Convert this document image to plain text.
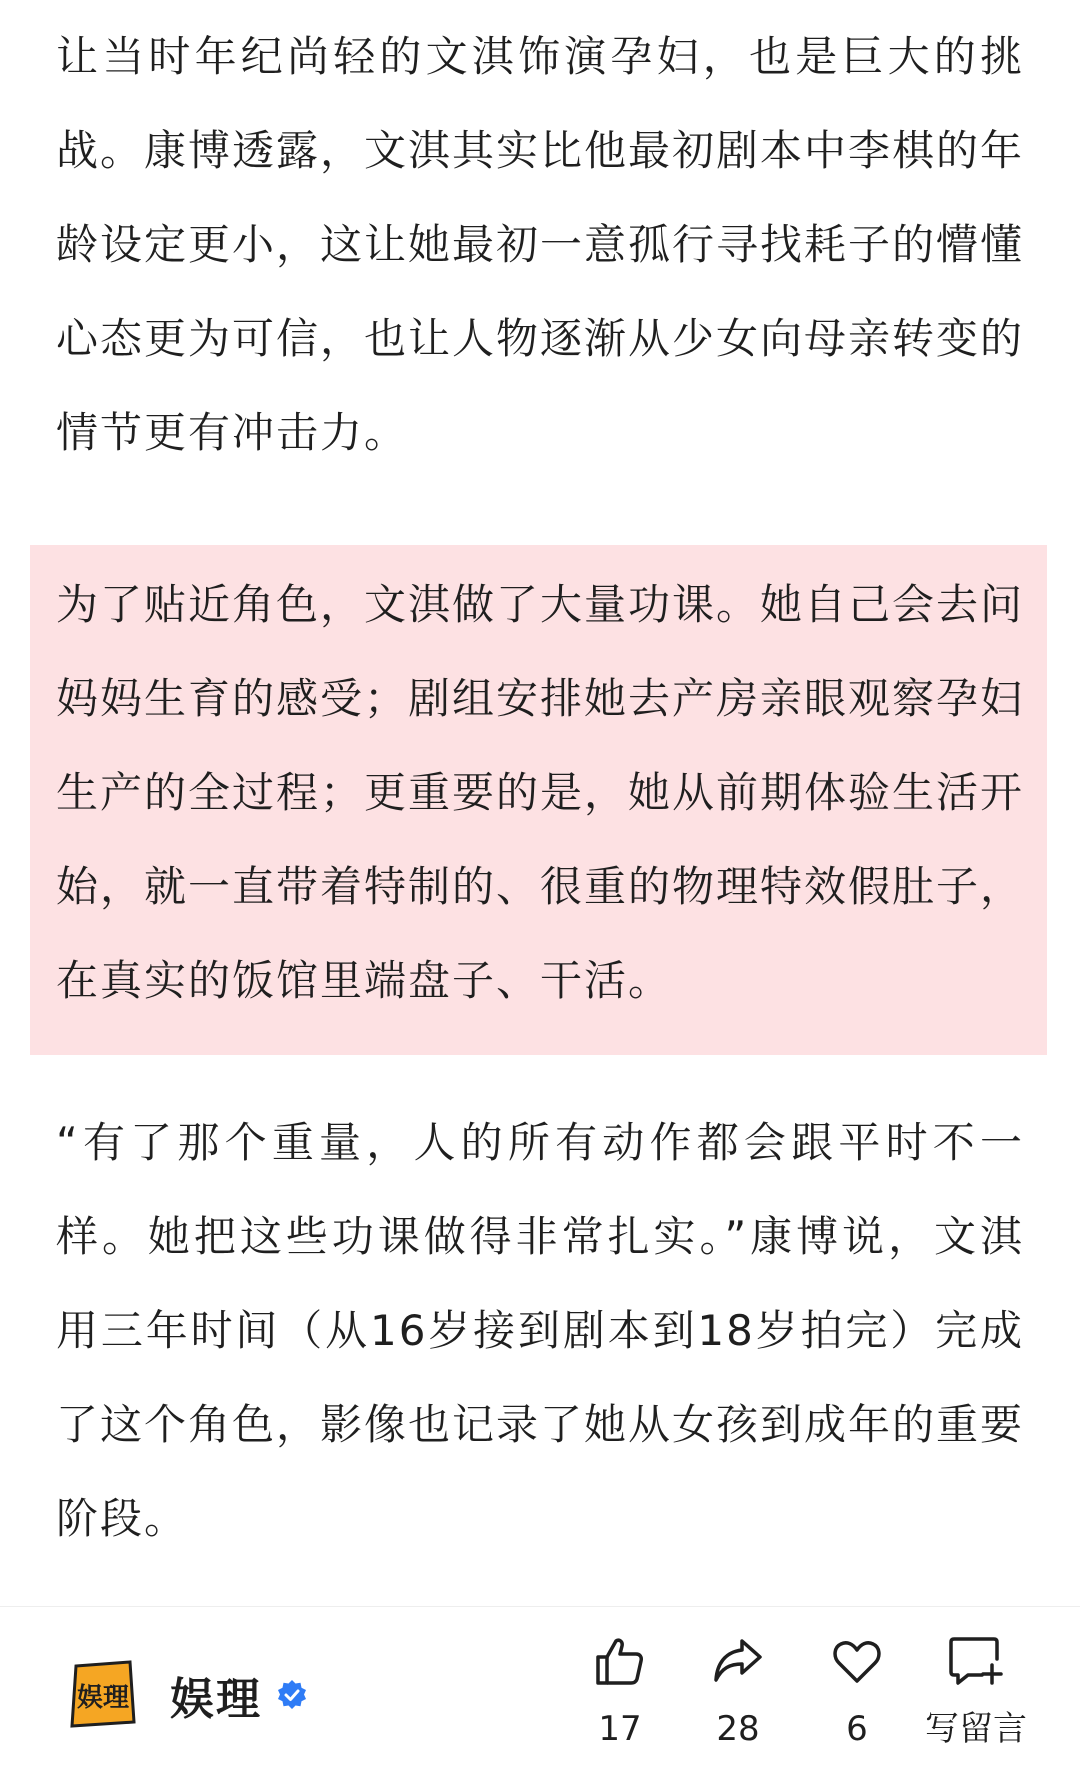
让当时年纪尚轻的文淇饰演孕妇，也是巨大的挑战。康博透露，文淇其实比他最初剧本中李棋的年龄设定更小，这让她最初一意孤行寻找耗子的懵懂心态更为可信，也让人物逐渐从少女向母亲转变的情节更有冲击力。

为了贴近角色，文淇做了大量功课。她自己会去问妈妈生育的感受；剧组安排她去产房亲眼观察孕妇生产的全过程；更重要的是，她从前期体验生活开始，就一直带着特制的、很重的物理特效假肚子，在真实的饭馆里端盘子、干活。

“有了那个重量，人的所有动作都会跟平时不一样。她把这些功课做得非常扎实。”康博说，文淇用三年时间（从16岁接到剧本到18岁拍完）完成了这个角色，影像也记录了她从女孩到成年的重要阶段。

娱理 娱理
17	28	6	写留言
